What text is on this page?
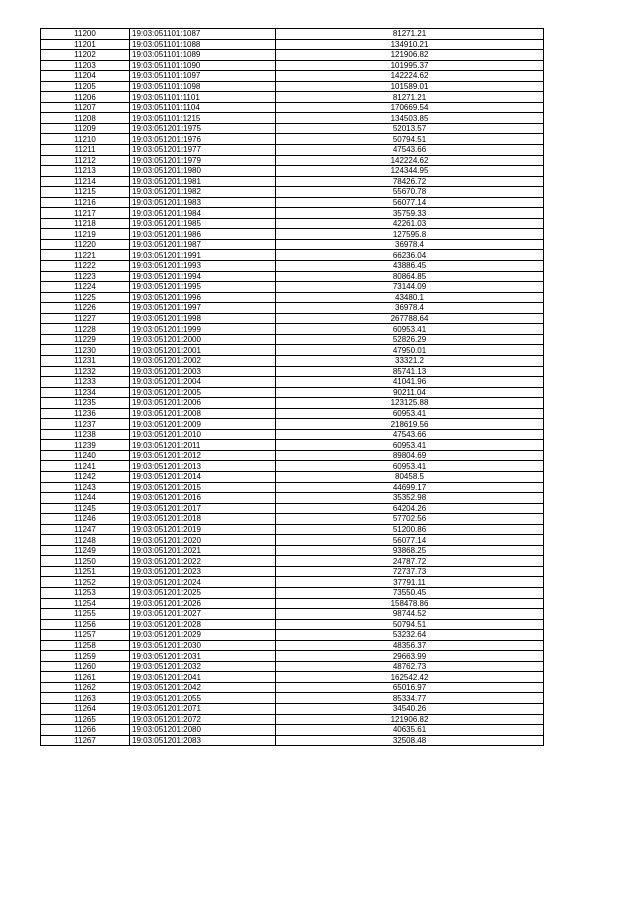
11200	19:03:051101:1087	81271.21
11201	19:03:051101:1088	134910.21
11202	19:03:051101:1089	121906.82
11203	19:03:051101:1090	101995.37
11204	19:03:051101:1097	142224.62
11205	19:03:051101:1098	101589.01
11206	19:03:051101:1101	81271.21
11207	19:03:051101:1104	170669.54
11208	19:03:051101:1215	134503.85
11209	19:03:051201:1975	52013.57
11210	19:03:051201:1976	50794.51
11211	19:03:051201:1977	47543.66
11212	19:03:051201:1979	142224.62
11213	19:03:051201:1980	124344.95
11214	19:03:051201:1981	78426.72
11215	19:03:051201:1982	55670.78
11216	19:03:051201:1983	56077.14
11217	19:03:051201:1984	35759.33
11218	19:03:051201:1985	42261.03
11219	19:03:051201:1986	127595.8
11220	19:03:051201:1987	36978.4
11221	19:03:051201:1991	66236.04
11222	19:03:051201:1993	43886.45
11223	19:03:051201:1994	80864.85
11224	19:03:051201:1995	73144.09
11225	19:03:051201:1996	43480.1
11226	19:03:051201:1997	36978.4
11227	19:03:051201:1998	267788.64
11228	19:03:051201:1999	60953.41
11229	19:03:051201:2000	52826.29
11230	19:03:051201:2001	47950.01
11231	19:03:051201:2002	33321.2
11232	19:03:051201:2003	85741.13
11233	19:03:051201:2004	41041.96
11234	19:03:051201:2005	90211.04
11235	19:03:051201:2006	123125.88
11236	19:03:051201:2008	60953.41
11237	19:03:051201:2009	218619.56
11238	19:03:051201:2010	47543.66
11239	19:03:051201:2011	60953.41
11240	19:03:051201:2012	89804.69
11241	19:03:051201:2013	60953.41
11242	19:03:051201:2014	80458.5
11243	19:03:051201:2015	44699.17
11244	19:03:051201:2016	35352.98
11245	19:03:051201:2017	64204.26
11246	19:03:051201:2018	57702.56
11247	19:03:051201:2019	51200.86
11248	19:03:051201:2020	56077.14
11249	19:03:051201:2021	93868.25
11250	19:03:051201:2022	24787.72
11251	19:03:051201:2023	72737.73
11252	19:03:051201:2024	37791.11
11253	19:03:051201:2025	73550.45
11254	19:03:051201:2026	158478.86
11255	19:03:051201:2027	98744.52
11256	19:03:051201:2028	50794.51
11257	19:03:051201:2029	53232.64
11258	19:03:051201:2030	48356.37
11259	19:03:051201:2031	29663.99
11260	19:03:051201:2032	48762.73
11261	19:03:051201:2041	162542.42
11262	19:03:051201:2042	65016.97
11263	19:03:051201:2055	85334.77
11264	19:03:051201:2071	34540.26
11265	19:03:051201:2072	121906.82
11266	19:03:051201:2080	40635.61
11267	19:03:051201:2083	32508.48
